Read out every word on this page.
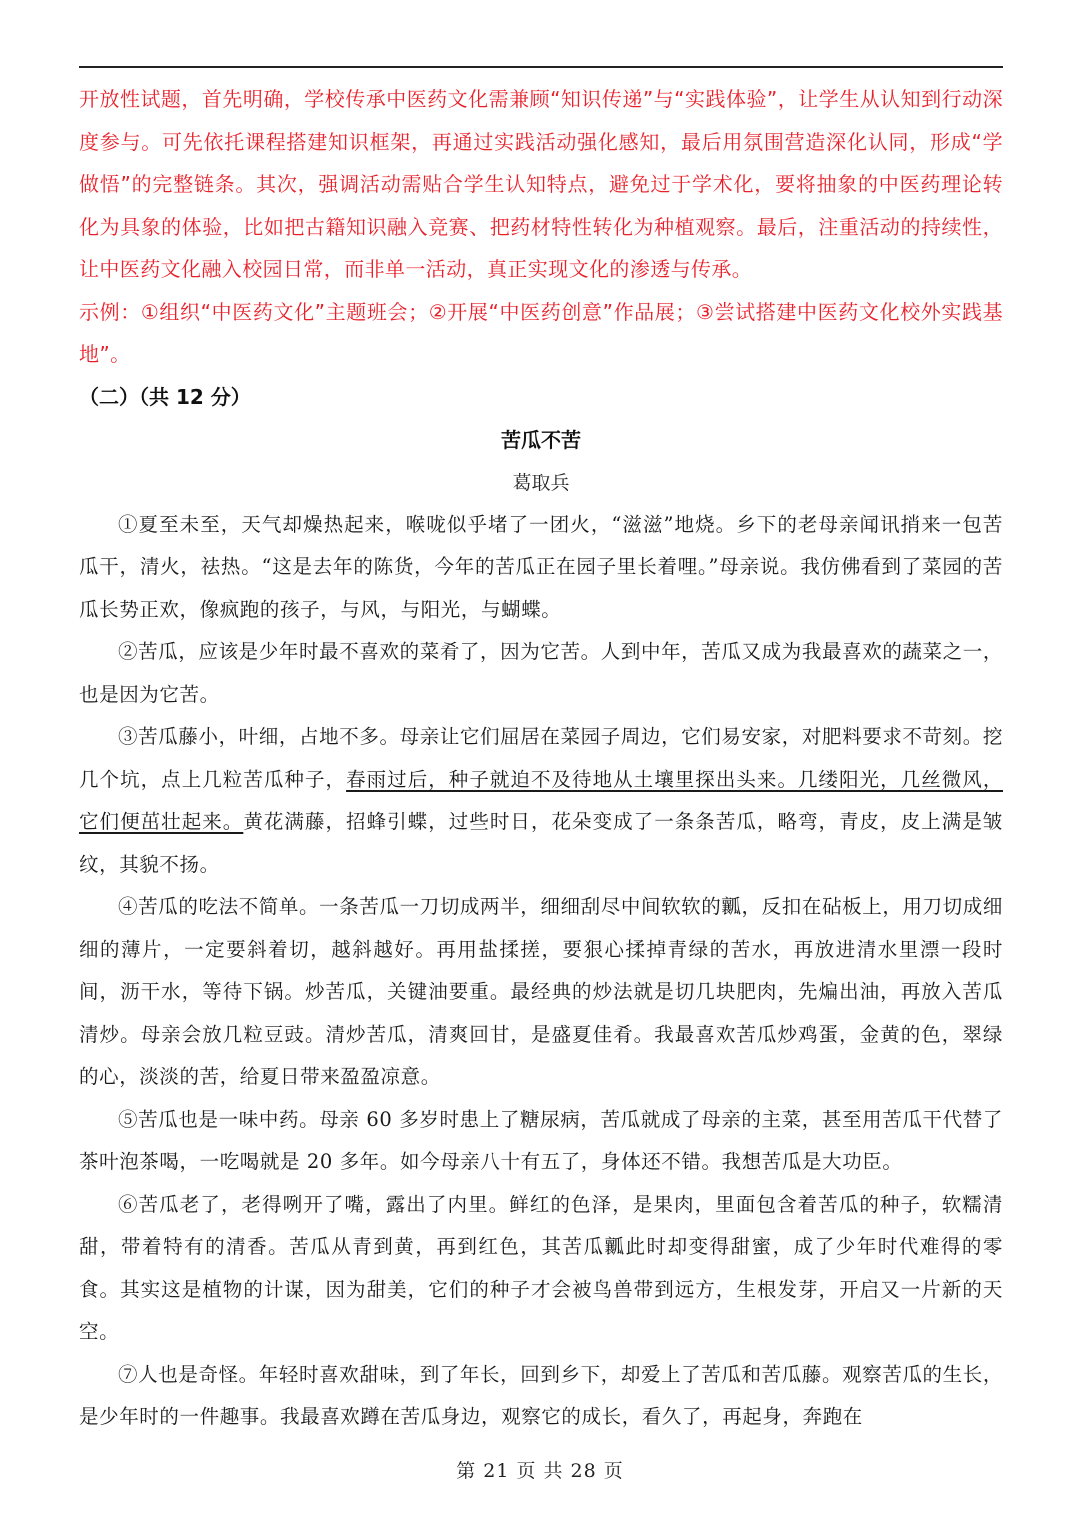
开放性试题，首先明确，学校传承中医药文化需兼顾“知识传递”与“实践体验”，让学生从认知到行动深度参与。可先依托课程搭建知识框架，再通过实践活动强化感知，最后用氛围营造深化认同，形成“学做悟”的完整链条。其次，强调活动需贴合学生认知特点，避免过于学术化，要将抽象的中医药理论转化为具象的体验，比如把古籍知识融入竞赛、把药材特性转化为种植观察。最后，注重活动的持续性，让中医药文化融入校园日常，而非单一活动，真正实现文化的渗透与传承。

示例：①组织“中医药文化”主题班会；②开展“中医药创意”作品展；③尝试搭建中医药文化校外实践基地”。

（二）（共 12 分）

苦瓜不苦

葛取兵

①夏至未至，天气却燥热起来，喉咙似乎堵了一团火，“滋滋”地烧。乡下的老母亲闻讯捎来一包苦瓜干，清火，祛热。“这是去年的陈货，今年的苦瓜正在园子里长着哩。”母亲说。我仿佛看到了菜园的苦瓜长势正欢，像疯跑的孩子，与风，与阳光，与蝴蝶。

②苦瓜，应该是少年时最不喜欢的菜肴了，因为它苦。人到中年，苦瓜又成为我最喜欢的蔬菜之一，也是因为它苦。

③苦瓜藤小，叶细，占地不多。母亲让它们屈居在菜园子周边，它们易安家，对肥料要求不苛刻。挖几个坑，点上几粒苦瓜种子，春雨过后，种子就迫不及待地从土壤里探出头来。几缕阳光，几丝微风，它们便茁壮起来。黄花满藤，招蜂引蝶，过些时日，花朵变成了一条条苦瓜，略弯，青皮，皮上满是皱纹，其貌不扬。

④苦瓜的吃法不简单。一条苦瓜一刀切成两半，细细刮尽中间软软的瓤，反扣在砧板上，用刀切成细细的薄片，一定要斜着切，越斜越好。再用盐揉搓，要狠心揉掉青绿的苦水，再放进清水里漂一段时间，沥干水，等待下锅。炒苦瓜，关键油要重。最经典的炒法就是切几块肥肉，先煸出油，再放入苦瓜清炒。母亲会放几粒豆豉。清炒苦瓜，清爽回甘，是盛夏佳肴。我最喜欢苦瓜炒鸡蛋，金黄的色，翠绿的心，淡淡的苦，给夏日带来盈盈凉意。

⑤苦瓜也是一味中药。母亲 60 多岁时患上了糖尿病，苦瓜就成了母亲的主菜，甚至用苦瓜干代替了茶叶泡茶喝，一吃喝就是 20 多年。如今母亲八十有五了，身体还不错。我想苦瓜是大功臣。

⑥苦瓜老了，老得咧开了嘴，露出了内里。鲜红的色泽，是果肉，里面包含着苦瓜的种子，软糯清甜，带着特有的清香。苦瓜从青到黄，再到红色，其苦瓜瓤此时却变得甜蜜，成了少年时代难得的零食。其实这是植物的计谋，因为甜美，它们的种子才会被鸟兽带到远方，生根发芽，开启又一片新的天空。

⑦人也是奇怪。年轻时喜欢甜味，到了年长，回到乡下，却爱上了苦瓜和苦瓜藤。观察苦瓜的生长，是少年时的一件趣事。我最喜欢蹲在苦瓜身边，观察它的成长，看久了，再起身，奔跑在

第 21 页 共 28 页
